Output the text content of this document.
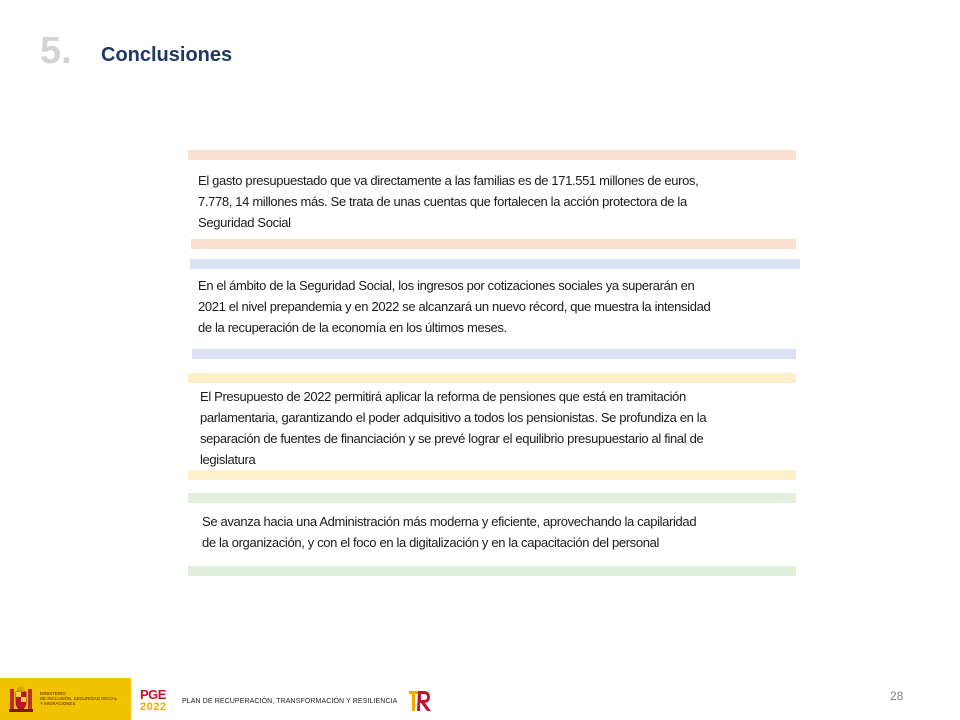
5. Conclusiones
El gasto presupuestado que va directamente a las familias es de 171.551 millones de euros,
7.778, 14 millones más. Se trata de unas cuentas que fortalecen la acción protectora de la
Seguridad Social
En el ámbito de la Seguridad Social, los ingresos por cotizaciones sociales ya superarán en
2021 el nivel prepandemia y en 2022 se alcanzará un nuevo récord, que muestra la intensidad
de la recuperación de la economía en los últimos meses.
El Presupuesto de 2022 permitirá aplicar la reforma de pensiones que está en tramitación
parlamentaria, garantizando el poder adquisitivo a todos los pensionistas. Se profundiza en la
separación de fuentes de financiación y se prevé lograr el equilibrio presupuestario al final de
legislatura
Se avanza hacia una Administración más moderna y eficiente, aprovechando la capilaridad
de la organización, y con el foco en la digitalización y en la capacitación del personal
MINISTERIO
DE INCLUSIÓN, SEGURIDAD SOCIAL
Y MIGRACIONES
PGE
2022	PLAN DE RECUPERACIÓN, TRANSFORMACIÓN Y RESILIENCIA	28
